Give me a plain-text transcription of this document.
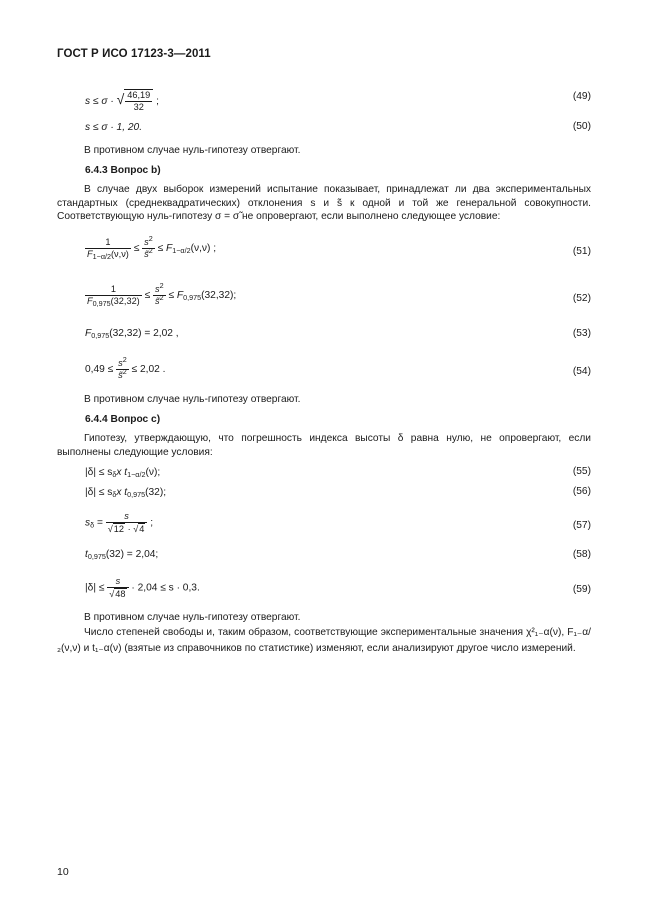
ГОСТ Р ИСО 17123-3—2011
s ≤ σ · √ $\frac{46,19}{32}$ ;	(49)
s ≤ σ · 1, 20.	(50)
В противном случае нуль-гипотезу отвергают.
6.4.3 Вопрос b)
В случае двух выборок измерений испытание показывает, принадлежат ли два экспериментальных стандартных (среднеквадратических) отклонения s и s̃ к одной и той же генеральной совокупности. Соответствующую нуль-гипотезу σ = σ̃ не опровергают, если выполнено следующее условие:
$\frac{1}{F_{1-\alpha/2}(\nu,\nu)} \le \frac{s^2}{s̃^2} \le F_{1-\alpha/2}(\nu,\nu)$ ;	(51)
$\frac{1}{F_{0,975}(32,32)} \le \frac{s^2}{s̃^2} \le F_{0,975}(32,32)$;	(52)
$F_{0,975}(32,32) = 2,02$ ,	(53)
$0,49 \le \frac{s^2}{s̃^2} \le 2,02$ .	(54)
В противном случае нуль-гипотезу отвергают.
6.4.4 Вопрос c)
Гипотезу, утверждающую, что погрешность индекса высоты δ равна нулю, не опровергают, если выполнены следующие условия:
$|\delta| \le s_\delta x$ $t_{1-\alpha/2}(\nu)$;	(55)
$|\delta| \le s_\delta x$ $t_{0,975}(32)$;	(56)
$s_\delta = \frac{s}{√12 \cdot √4}$ ;	(57)
$t_{0,975}(32) = 2,04$;	(58)
$|\delta| \le \frac{s}{√48} \cdot 2,04 \le s \cdot 0,3$.	(59)
В противном случае нуль-гипотезу отвергают.
Число степеней свободы и, таким образом, соответствующие экспериментальные значения χ²₁₋α(ν), F₁₋α/₂(ν,ν) и t₁₋α(ν) (взятые из справочников по статистике) изменяют, если анализируют другое число измерений.
10
